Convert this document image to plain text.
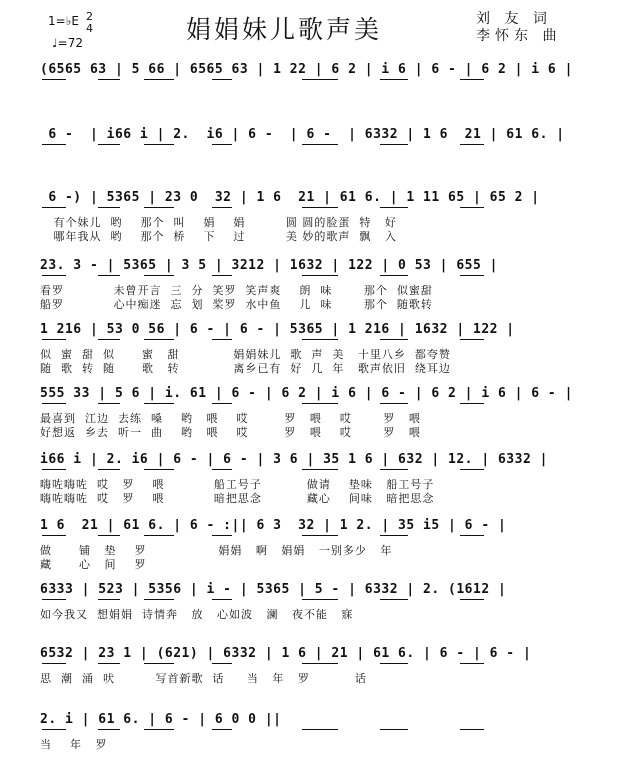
娟娟妹儿歌声美
1=♭E 2
4
♩=72
刘 友 词
李怀东 曲
(6565 63 | 5 66 | 6565 63 | 1 22 | 6 2 | i 6 | 6 - | 6 2 | i 6 |
6 -  | i66 i | 2.  i6 | 6 -  | 6 -  | 6332 | 1 6  21 | 61 6. |
6 -) | 5365 | 23 0  32 | 1 6  21 | 61 6. | 1 11 65 | 65 2 |
有个妹儿  哟    那个  叫    娟    娟         圆 圆的脸蛋  特   好
哪年我从  哟    那个  桥    下    过         美 妙的歌声  飘   入
23. 3 - | 5365 | 3 5 | 3212 | 1632 | 122 | 0 53 | 655 |
看罗           未曾开言  三  分  笑罗  笑声爽    朗  味       那个  似蜜甜
船罗           心中痴迷  忘  划  桨罗  水中鱼    儿  味       那个  随歌转
1 216 | 53 0 56 | 6 - | 6 - | 5365 | 1 216 | 1632 | 122 |
似  蜜  甜  似      蜜   甜            娟娟妹儿  歌  声  美   十里八乡  都夸赞
随  歌  转  随      歌   转            离乡已有  好  几  年   歌声依旧  绕耳边
555 33 | 5 6 | i. 61 | 6 - | 6 2 | i 6 | 6 - | 6 2 | i 6 | 6 - |
最喜到  江边  去练  嗓    哟   喂    哎        罗   喂    哎       罗   喂
好想返  乡去  听一  曲    哟   喂    哎        罗   喂    哎       罗   喂
i66 i | 2. i6 | 6 - | 6 - | 3 6 | 35 1 6 | 632 | 12. | 6332 |
嗨咗嗨咗  哎   罗    喂           船工号子          做请    垫味   船工号子
嗨咗嗨咗  哎   罗    喂           暗把思念          藏心    间味   暗把思念
1 6  21 | 61 6. | 6 - :|| 6 3  32 | 1 2. | 35 i5 | 6 - |
做      铺   垫    罗                娟娟   啊   娟娟   一别多少   年
藏      心   间    罗
6333 | 523 | 5356 | i - | 5365 | 5 - | 6332 | 2. (1612 |
如今我又  想娟娟  诗情奔   放   心如波   澜   夜不能   寐
6532 | 23 1 | (621) | 6332 | 1 6 | 21 | 61 6. | 6 - | 6 - |
思  潮  涌  吠         写首新歌  话     当   年   罗          话
2. i | 61 6. | 6 - | 6 0 0 ||
当    年   罗
